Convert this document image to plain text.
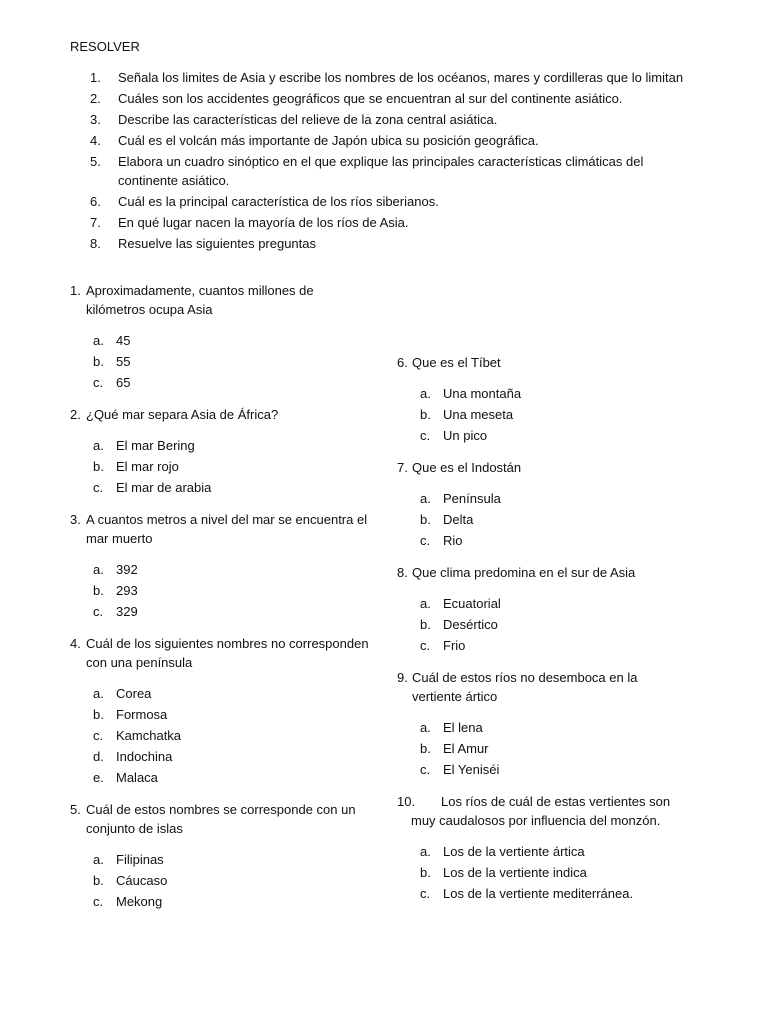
RESOLVER
1. Señala los limites de Asia y escribe los nombres de los océanos, mares y cordilleras que lo limitan
2. Cuáles son los accidentes geográficos que se encuentran al sur del continente asiático.
3. Describe las características del relieve de la zona central asiática.
4. Cuál es el volcán más importante de Japón ubica su posición geográfica.
5. Elabora un cuadro sinóptico en el que explique las principales características climáticas del continente asiático.
6. Cuál es la principal característica de los ríos siberianos.
7. En qué lugar nacen la mayoría de los ríos de Asia.
8. Resuelve las siguientes preguntas
1. Aproximadamente, cuantos millones de kilómetros ocupa Asia
a. 45
b. 55
c. 65
2. ¿Qué mar separa Asia de África?
a. El mar Bering
b. El mar rojo
c. El mar de arabia
3. A cuantos metros a nivel del mar se encuentra el mar muerto
a. 392
b. 293
c. 329
4. Cuál de los siguientes nombres no corresponden con una península
a. Corea
b. Formosa
c. Kamchatka
d. Indochina
e. Malaca
5. Cuál de estos nombres se corresponde con un conjunto de islas
a. Filipinas
b. Cáucaso
c. Mekong
6. Que es el Tíbet
a. Una montaña
b. Una meseta
c. Un pico
7. Que es el Indostán
a. Península
b. Delta
c. Rio
8. Que clima predomina en el sur de Asia
a. Ecuatorial
b. Desértico
c. Frio
9. Cuál de estos ríos no desemboca en la vertiente ártico
a. El lena
b. El Amur
c. El Yeniséi
10.	Los ríos de cuál de estas vertientes son muy caudalosos por influencia del monzón.
a. Los de la vertiente ártica
b. Los de la vertiente indica
c. Los de la vertiente mediterránea.
